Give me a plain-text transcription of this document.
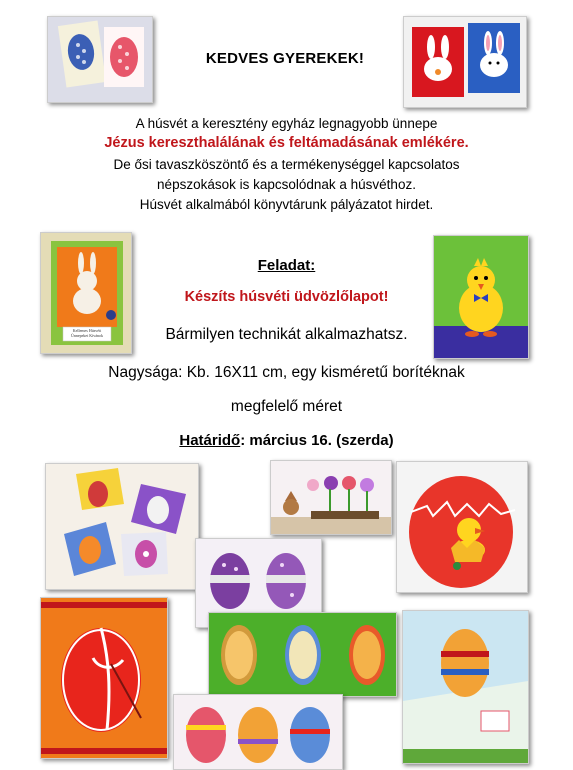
KEDVES GYEREKEK!
A húsvét a keresztény egyház legnagyobb ünnepe
Jézus kereszthalálának és feltámadásának emlékére.
De ősi tavaszköszöntő és a termékenységgel kapcsolatos
népszokások is kapcsolódnak a húsvéthoz.
Húsvét alkalmából könyvtárunk pályázatot hirdet.
Kellemes Húsvéti
Ünnepeket Kívánok
Feladat:
Készíts húsvéti üdvözlőlapot!
Bármilyen technikát alkalmazhatsz.
Nagysága: Kb. 16X11 cm, egy kisméretű borítéknak
megfelelő méret
Határidő: március 16. (szerda)
